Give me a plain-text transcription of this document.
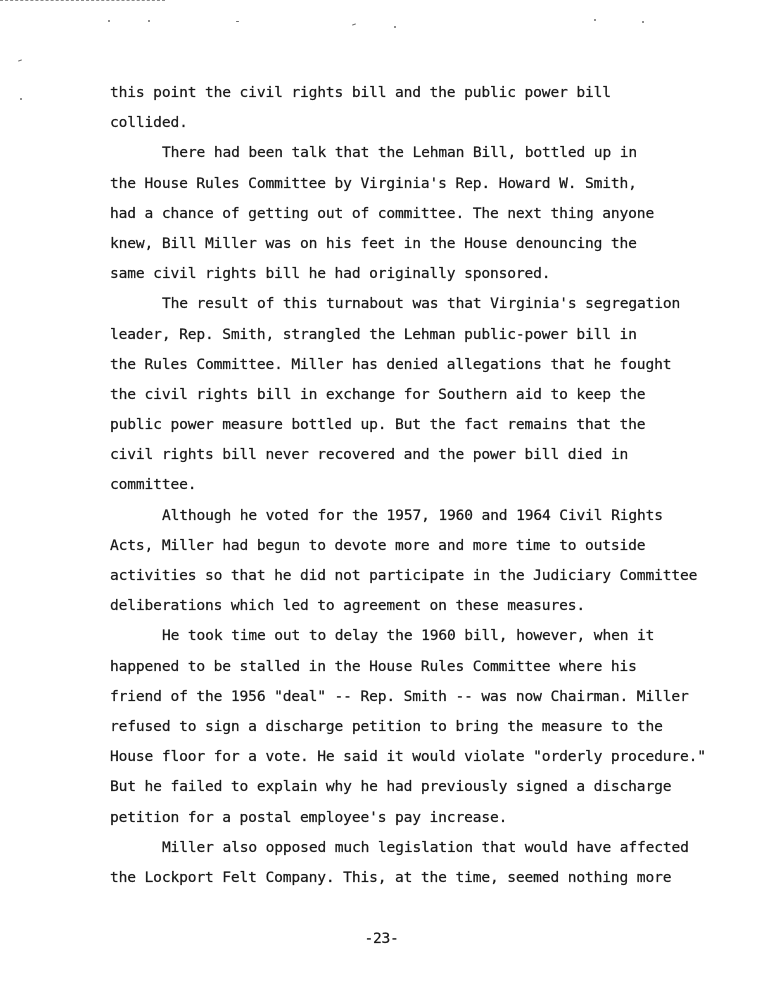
this point the civil rights bill and the public power bill
collided.
There had been talk that the Lehman Bill, bottled up in
the House Rules Committee by Virginia's Rep. Howard W. Smith,
had a chance of getting out of committee. The next thing anyone
knew, Bill Miller was on his feet in the House denouncing the
same civil rights bill he had originally sponsored.
The result of this turnabout was that Virginia's segregation
leader, Rep. Smith, strangled the Lehman public-power bill in
the Rules Committee. Miller has denied allegations that he fought
the civil rights bill in exchange for Southern aid to keep the
public power measure bottled up. But the fact remains that the
civil rights bill never recovered and the power bill died in
committee.
Although he voted for the 1957, 1960 and 1964 Civil Rights
Acts, Miller had begun to devote more and more time to outside
activities so that he did not participate in the Judiciary Committee
deliberations which led to agreement on these measures.
He took time out to delay the 1960 bill, however, when it
happened to be stalled in the House Rules Committee where his
friend of the 1956 "deal" -- Rep. Smith -- was now Chairman. Miller
refused to sign a discharge petition to bring the measure to the
House floor for a vote. He said it would violate "orderly procedure."
But he failed to explain why he had previously signed a discharge
petition for a postal employee's pay increase.
Miller also opposed much legislation that would have affected
the Lockport Felt Company. This, at the time, seemed nothing more
-23-
